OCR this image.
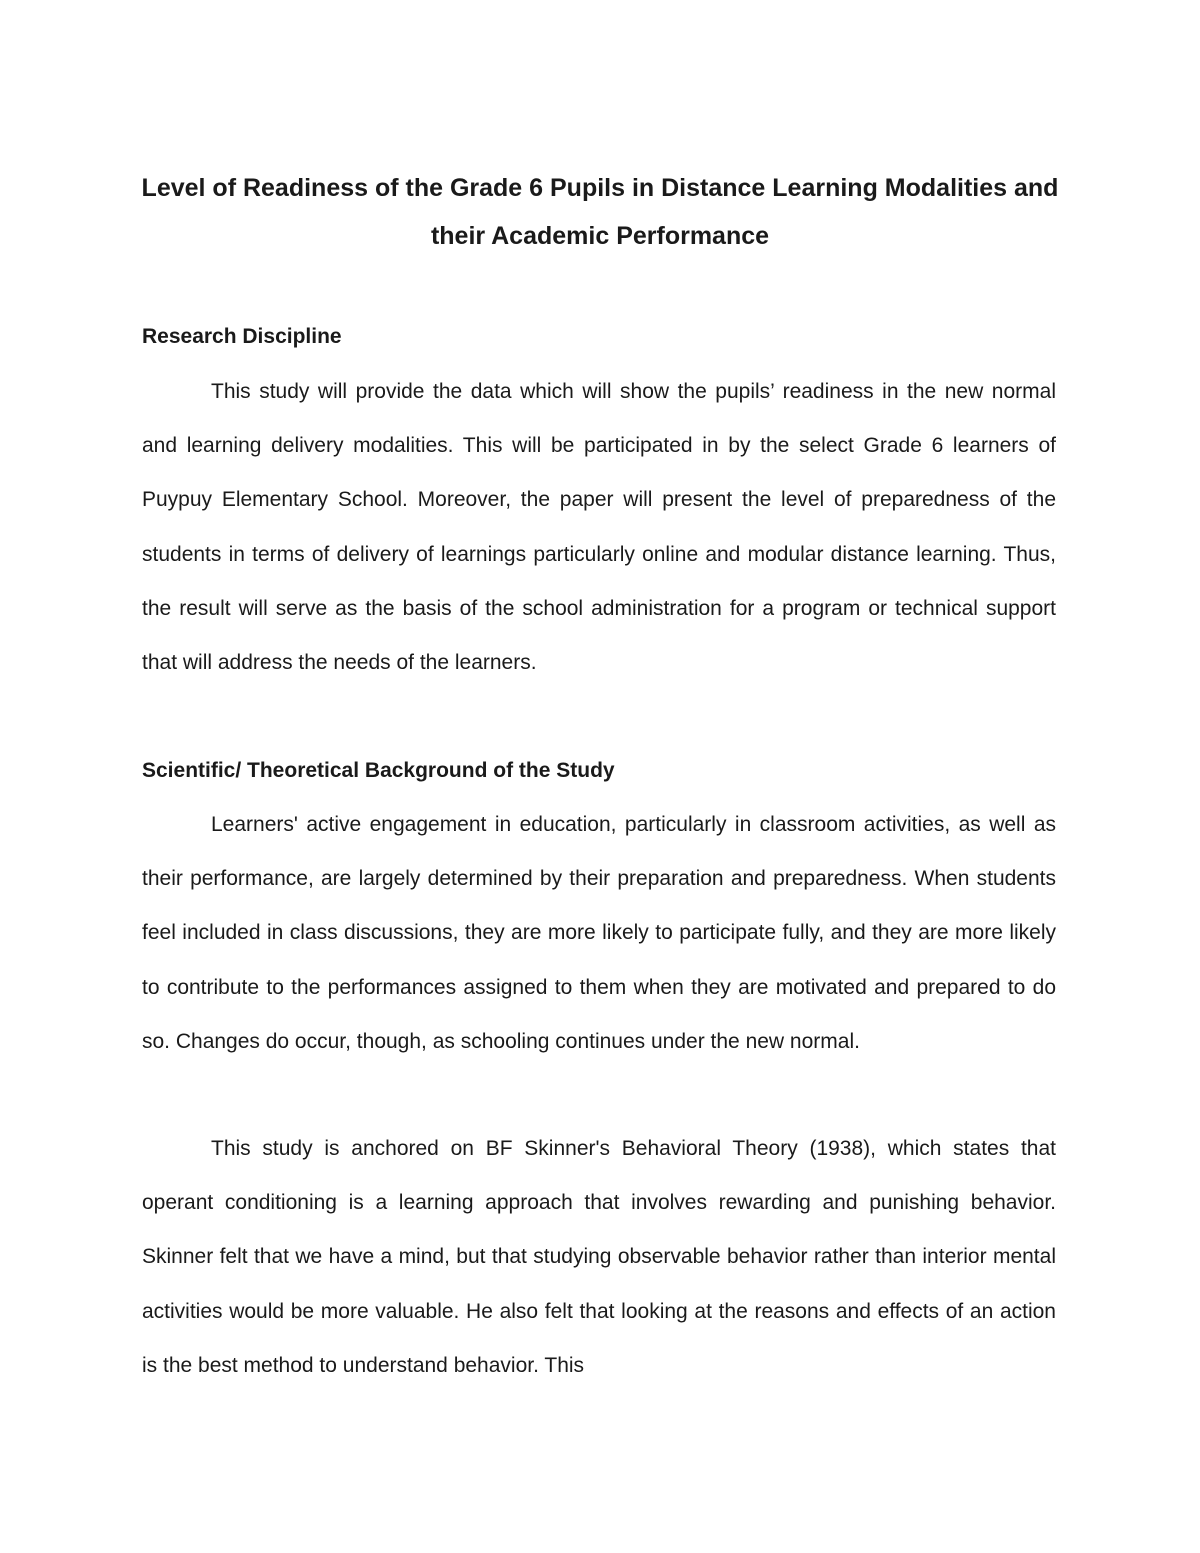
Level of Readiness of the Grade 6 Pupils in Distance Learning Modalities and their Academic Performance
Research Discipline

This study will provide the data which will show the pupils’ readiness in the new normal and learning delivery modalities. This will be participated in by the select Grade 6 learners of Puypuy Elementary School. Moreover, the paper will present the level of preparedness of the students in terms of delivery of learnings particularly online and modular distance learning. Thus, the result will serve as the basis of the school administration for a program or technical support that will address the needs of the learners.

Scientific/ Theoretical Background of the Study

Learners' active engagement in education, particularly in classroom activities, as well as their performance, are largely determined by their preparation and preparedness. When students feel included in class discussions, they are more likely to participate fully, and they are more likely to contribute to the performances assigned to them when they are motivated and prepared to do so. Changes do occur, though, as schooling continues under the new normal.

This study is anchored on BF Skinner's Behavioral Theory (1938), which states that operant conditioning is a learning approach that involves rewarding and punishing behavior. Skinner felt that we have a mind, but that studying observable behavior rather than interior mental activities would be more valuable. He also felt that looking at the reasons and effects of an action is the best method to understand behavior. This
